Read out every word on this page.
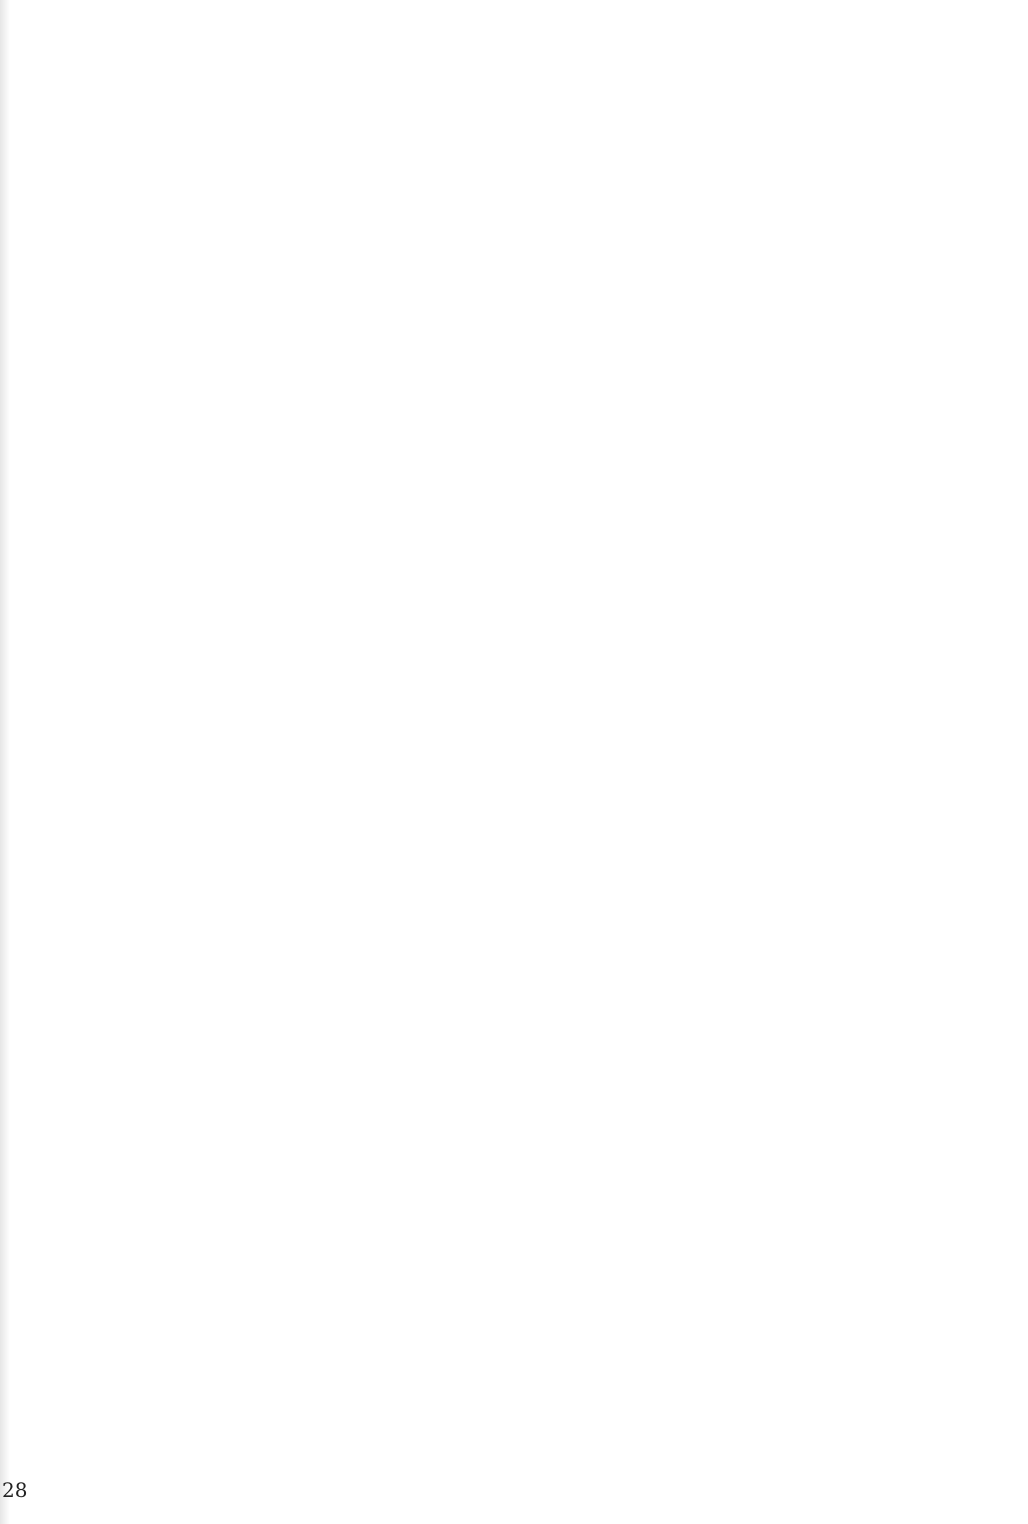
28
